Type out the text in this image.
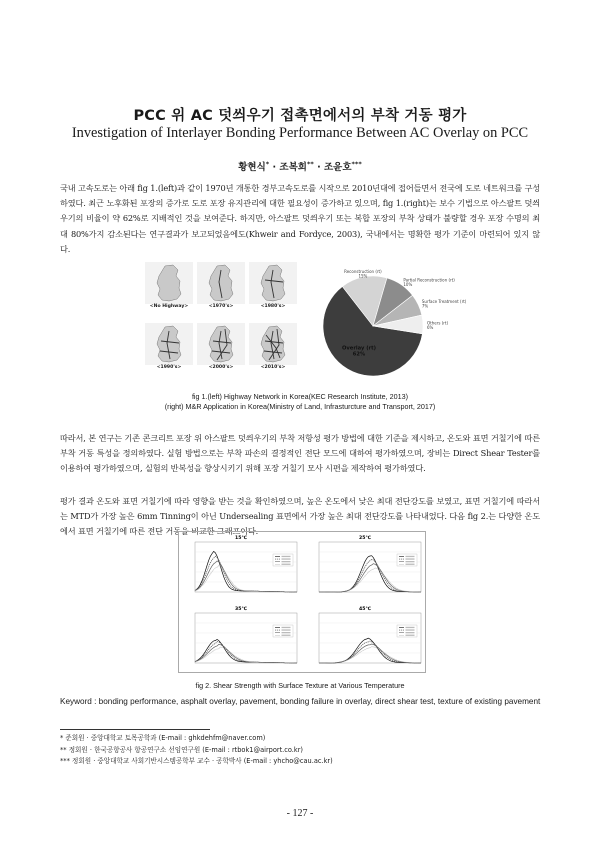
PCC 위 AC 덧씌우기 접촉면에서의 부착 거동 평가
Investigation of Interlayer Bonding Performance Between AC Overlay on PCC
황현식* · 조복희** · 조윤호***

국내 고속도로는 아래 fig 1.(left)과 같이 1970년 개통한 경부고속도로를 시작으로 2010년대에 접어들면서 전국에 도로 네트워크를 구성하였다. 최근 노후화된 포장의 증가로 도로 포장 유지관리에 대한 필요성이 증가하고 있으며, fig 1.(right)는 보수 기법으로 아스팔트 덧씌우기의 비율이 약 62%로 지배적인 것을 보여준다. 하지만, 아스팔트 덧씌우기 또는 복합 포장의 부착 상태가 불량할 경우 포장 수명의 최대 80%가지 감소된다는 연구결과가 보고되었음에도(Khweir and Fordyce, 2003), 국내에서는 명확한 평가 기준이 마련되어 있지 않다.

<No Highway>	<1970's>	<1980's>
<1990's>	<2000's>	<2010's>
Overlay (rt)
62%
Reconstruction (rt)
15%
Partial Reconstruction (rt)
10%
Surface Treatment (rt)
7%
Others (rt)
6%
fig 1.(left) Highway Network in Korea(KEC Research Institute, 2013)
(right) M&R Application in Korea(Ministry of Land, Infrasturcture and Transport, 2017)

따라서, 본 연구는 기존 콘크리트 포장 위 아스팔트 덧씌우기의 부착 저항성 평가 방법에 대한 기준을 제시하고, 온도와 표면 거칠기에 따른 부착 거동 특성을 정의하였다. 실험 방법으로는 부착 파손의 결정적인 전단 모드에 대하여 평가하였으며, 장비는 Direct Shear Tester를 이용하여 평가하였으며, 실험의 반복성을 향상시키기 위해 포장 거칠기 모사 시편을 제작하여 평가하였다.

평가 결과 온도와 표면 거칠기에 따라 영향을 받는 것을 확인하였으며, 높은 온도에서 낮은 최대 전단강도를 보였고, 표면 거칠기에 따라서는 MTD가 가장 높은 6mm Tinning이 아닌 Undersealing 표면에서 가장 높은 최대 전단강도를 나타내었다. 다음 fig 2.는 다양한 온도에서 표면 거칠기에 따른 전단 거동을 비교한 그래프이다.

15℃	25℃
35℃	45℃
fig 2. Shear Strength with Surface Texture at Various Temperature
Keyword : bonding performance, asphalt overlay, pavement, bonding failure in overlay, direct shear test, texture of existing pavement
* 준회원 · 중앙대학교 토목공학과 (E-mail : ghkdehfm@naver.com)
** 정회원 · 한국공항공사 항공연구소 선임연구원 (E-mail : rtbok1@airport.co.kr)
*** 정회원 · 중앙대학교 사회기반시스템공학부 교수 · 공학박사 (E-mail : yhcho@cau.ac.kr)
- 127 -
